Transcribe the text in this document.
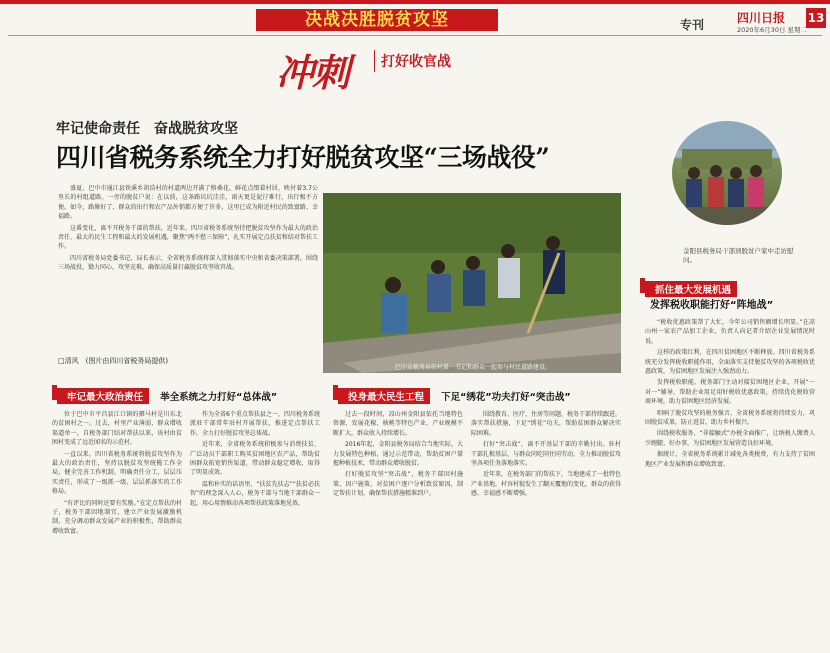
决战决胜脱贫攻坚	专刊	四川日报 13
2020年6月30日 星期二
冲刺 打好收官战
牢记使命责任　奋战脱贫攻坚
四川省税务系统全力打好脱贫攻坚“三场战役”
金阳县税务局干部到脱贫户家中走访慰问。

盛夏，巴中市通江县铁溪乡胡浩村的村道两边开满了格桑花，鲜花点缀着村居，映衬着3.7公里长的村组道路。一旁的脱贫户说：在以前，这条路坑坑洼洼，雨天更是泥泞难行，出行极不方便。如今，路修好了，群众的出行和农产品外销都方便了许多，这里已成为附近村民的致富路、幸福路。

这番变化，离不开税务干部的帮扶。近年来，四川省税务系统坚持把脱贫攻坚作为最大的政治责任、最大的民生工程和最大的发展机遇，聚焦“两不愁三保障”，扎实开展定点扶贫和结对帮扶工作。

四川省税务局党委书记、局长表示，全省税务系统将深入贯彻落实中央和省委决策部署，围绕三场战役，勠力同心，攻坚克难，确保高质量打赢脱贫攻坚收官战。

□清风　(图片由四川省税务局提供)
巴中市税务局驻村第一书记和群众一起参与村民道路建设。
牢记最大政治责任 举全系统之力打好“总体战”

位于巴中市平昌县江口镇的驷马村是川东北的贫困村之一。过去，村里产业薄弱，群众增收渠道单一。自税务部门结对帮扶以来，该村由贫困村变成了远近闻名的示范村。

一直以来，四川省税务系统将脱贫攻坚作为最大的政治责任，坚持以脱贫攻坚统揽工作全局，健全完善工作机制，明确责任分工，层层压实责任，形成了一级抓一级、层层抓落实的工作格局。

“有评比的同时还要有奖励。”在定点帮扶的村子，税务干部因地制宜，建立产业发展激励机制，充分调动群众发展产业的积极性，帮助群众增收致富。

作为全省6个重点帮扶县之一，四川税务系统派驻干部常年驻村开展帮扶，推进定点帮扶工作，全力打好脱贫攻坚总体战。

近年来，全省税务系统积极参与消费扶贫，广泛动员干部职工购买贫困地区农产品，帮助贫困群众拓宽销售渠道，带动群众稳定增收，取得了明显成效。

温和朴实的话语里，“扶贫先扶志”“扶贫必扶智”的理念深入人心，税务干部与当地干部群众一起，用心用情推动各项帮扶政策落地见效。

投身最大民生工程 下足“绣花”功夫打好“突击战”

过去一段时间，凉山州金阳县依托当地特色资源，发展花椒、核桃等特色产业，产业规模不断扩大，群众收入持续增长。

2016年起，金阳县税务局结合当地实际，大力发展特色种植，通过示范带动，帮助贫困户掌握种植技术，带动群众增收脱贫。

打好脱贫攻坚“突击战”，税务干部因村施策、因户施策，对贫困户逐户分析致贫原因，制定帮扶计划，确保帮扶措施精准到户。

围绕教育、医疗、住房等问题，税务干部持续跟进，落实帮扶措施，下足“绣花”功夫，帮助贫困群众解决实际困难。

打好“突击战”，离不开基层干部的辛勤付出。驻村干部扎根基层，与群众同吃同住同劳动，全力推动脱贫攻坚各项任务落地落实。

近年来，在税务部门的帮扶下，当地建成了一批特色产业基地，村容村貌发生了翻天覆地的变化，群众的获得感、幸福感不断增强。

抓住最大发展机遇
发挥税收职能打好“阵地战”

“税收优惠政策帮了大忙，今年公司销售额增长明显。”在凉山州一家农产品加工企业，负责人向记者介绍企业发展情况时说。

这样的政策红利，在四川贫困地区不断释放。四川省税务系统充分发挥税收职能作用，全面落实支持脱贫攻坚的各项税收优惠政策，为贫困地区发展注入强劲动力。

发挥税收职能，税务部门主动对接贫困地区企业，开展“一对一”辅导，帮助企业用足用好税收优惠政策，持续优化税收营商环境，助力贫困地区经济发展。

唱响了脱贫攻坚的税务强音，全省税务系统将持续发力，巩固脱贫成果，防止返贫，助力乡村振兴。

围绕税收服务，“非接触式”办税全面推广，让纳税人缴费人少跑腿、好办事，为贫困地区发展营造良好环境。

据统计，全省税务系统累计减免各类税费，有力支持了贫困地区产业发展和群众增收致富。
